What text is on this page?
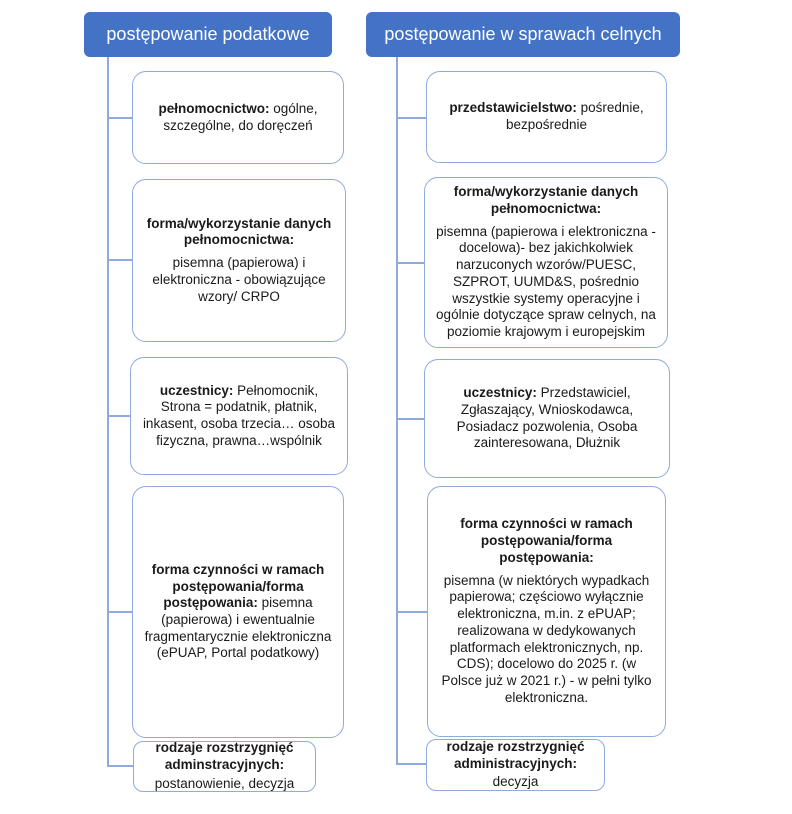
postępowanie podatkowe
pełnomocnictwo: ogólne, szczególne, do doręczeń
forma/wykorzystanie danych pełnomocnictwa:
pisemna (papierowa) i elektroniczna - obowiązujące wzory/ CRPO
uczestnicy: Pełnomocnik, Strona = podatnik, płatnik, inkasent, osoba trzecia… osoba fizyczna, prawna…wspólnik
forma czynności w ramach postępowania/forma postępowania: pisemna (papierowa) i ewentualnie fragmentarycznie elektroniczna (ePUAP, Portal podatkowy)
rodzaje rozstrzygnięć adminstracyjnych:
postanowienie, decyzja
postępowanie w sprawach celnych
przedstawicielstwo: pośrednie, bezpośrednie
forma/wykorzystanie danych pełnomocnictwa:
pisemna (papierowa i elektroniczna - docelowa)- bez jakichkolwiek narzuconych wzorów/PUESC, SZPROT, UUMD&S, pośrednio wszystkie systemy operacyjne i ogólnie dotyczące spraw celnych, na poziomie krajowym i europejskim
uczestnicy: Przedstawiciel, Zgłaszający, Wnioskodawca, Posiadacz pozwolenia, Osoba zainteresowana, Dłużnik
forma czynności w ramach postępowania/forma postępowania:
pisemna (w niektórych wypadkach papierowa; częściowo wyłącznie elektroniczna, m.in. z ePUAP; realizowana w dedykowanych platformach elektronicznych, np. CDS); docelowo do 2025 r. (w Polsce już w 2021 r.) - w pełni tylko elektroniczna.
rodzaje rozstrzygnięć administracyjnych:
decyzja
